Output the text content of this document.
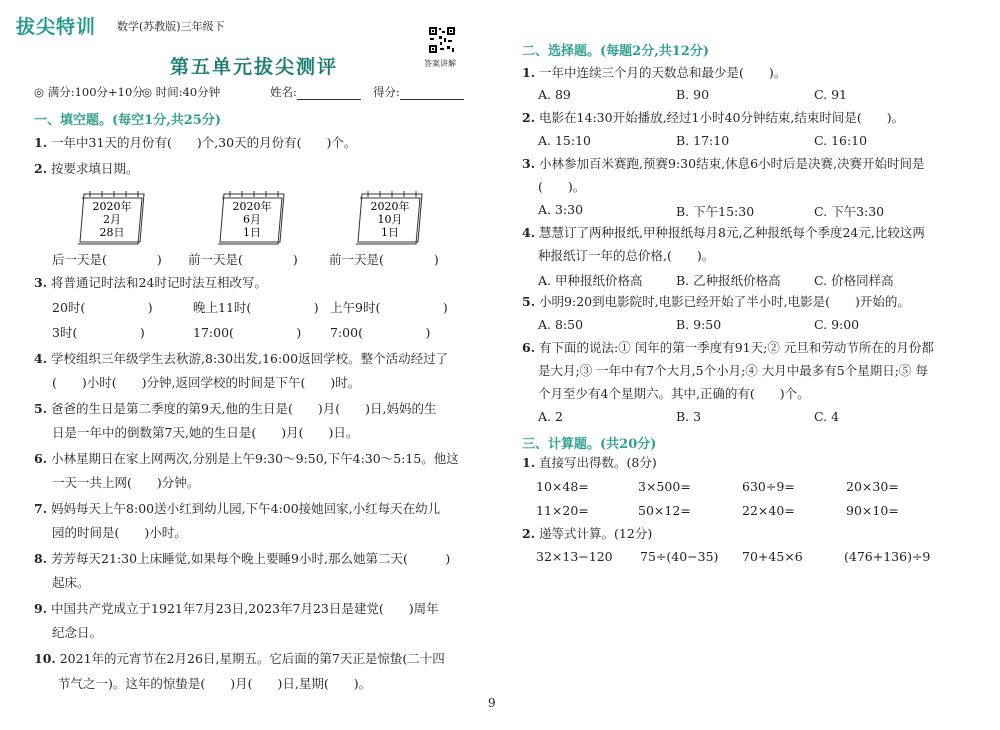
拔尖特训 数学(苏教版)三年级下
答案讲解
第五单元拔尖测评
◎ 满分:100分+10分
◎ 时间:40分钟	姓名:	得分:
一、填空题。(每空1分,共25分)
1. 一年中31天的月份有(　　)个,30天的月份有(　　)个。
2. 按要求填日期。
2020年
2月
28日
2020年
6月
1日
2020年
10月
1日
后一天是(　　　　) 前一天是(　　　　) 前一天是(　　　　)
3. 将普通记时法和24时记时法互相改写。
20时(　　　　　)	晚上11时(　　　　　) 上午9时(　　　　　)
3时(　　　　　)	17:00(　　　　　) 7:00(　　　　　)
4. 学校组织三年级学生去秋游,8:30出发,16:00返回学校。整个活动经过了
(　　)小时(　　)分钟,返回学校的时间是下午(　　)时。
5. 爸爸的生日是第二季度的第9天,他的生日是(　　)月(　　)日,妈妈的生
日是一年中的倒数第7天,她的生日是(　　)月(　　)日。
6. 小林星期日在家上网两次,分别是上午9:30～9:50,下午4:30～5:15。他这
一天一共上网(　　)分钟。
7. 妈妈每天上午8:00送小红到幼儿园,下午4:00接她回家,小红每天在幼儿
园的时间是(　　)小时。
8. 芳芳每天21:30上床睡觉,如果每个晚上要睡9小时,那么她第二天(　　　)
起床。
9. 中国共产党成立于1921年7月23日,2023年7月23日是建党(　　)周年
纪念日。
10. 2021年的元宵节在2月26日,星期五。它后面的第7天正是惊蛰(二十四
节气之一)。这年的惊蛰是(　　)月(　　)日,星期(　　)。
二、选择题。(每题2分,共12分)
1. 一年中连续三个月的天数总和最少是(　　)。
A. 89	B. 90	C. 91
2. 电影在14:30开始播放,经过1小时40分钟结束,结束时间是(　　)。
A. 15:10	B. 17:10	C. 16:10
3. 小林参加百米赛跑,预赛9:30结束,休息6小时后是决赛,决赛开始时间是
(　　)。
A. 3:30	B. 下午15:30	C. 下午3:30
4. 慧慧订了两种报纸,甲种报纸每月8元,乙种报纸每个季度24元,比较这两
种报纸订一年的总价格,(　　)。
A. 甲种报纸价格高	B. 乙种报纸价格高	C. 价格同样高
5. 小明9:20到电影院时,电影已经开始了半小时,电影是(　　)开始的。
A. 8:50	B. 9:50	C. 9:00
6. 有下面的说法:① 闰年的第一季度有91天;② 元旦和劳动节所在的月份都
是大月;③ 一年中有7个大月,5个小月;④ 大月中最多有5个星期日;⑤ 每
个月至少有4个星期六。其中,正确的有(　　)个。
A. 2	B. 3	C. 4
三、计算题。(共20分)
1. 直接写出得数。(8分)
10×48=	3×500=	630÷9=	20×30=
11×20=	50×12=	22×40=	90×10=
2. 递等式计算。(12分)
32×13−120 75÷(40−35) 70+45×6	(476+136)÷9
9
